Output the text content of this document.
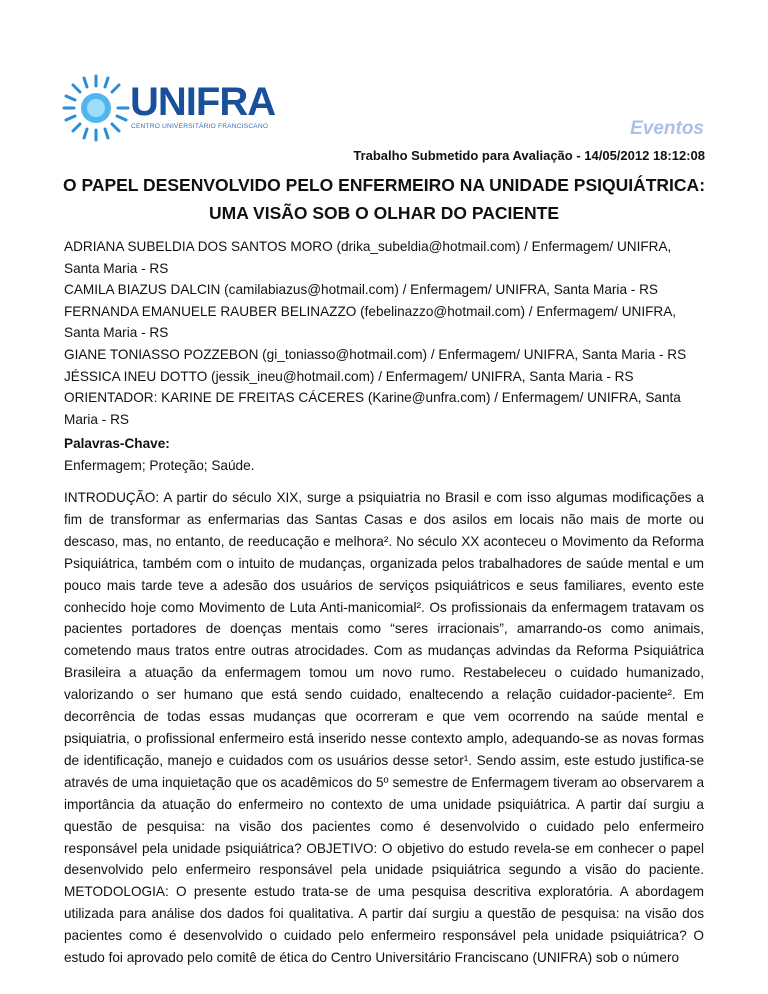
UNIFRA
CENTRO UNIVERSITÁRIO FRANCISCANO	Eventos
Trabalho Submetido para Avaliação - 14/05/2012 18:12:08
O PAPEL DESENVOLVIDO PELO ENFERMEIRO NA UNIDADE PSIQUIÁTRICA:
UMA VISÃO SOB O OLHAR DO PACIENTE
ADRIANA SUBELDIA DOS SANTOS MORO (drika_subeldia@hotmail.com) / Enfermagem/ UNIFRA, Santa Maria - RS
CAMILA BIAZUS DALCIN (camilabiazus@hotmail.com) / Enfermagem/ UNIFRA, Santa Maria - RS
FERNANDA EMANUELE RAUBER BELINAZZO (febelinazzo@hotmail.com) / Enfermagem/ UNIFRA, Santa Maria - RS
GIANE TONIASSO POZZEBON (gi_toniasso@hotmail.com) / Enfermagem/ UNIFRA, Santa Maria - RS
JÉSSICA INEU DOTTO (jessik_ineu@hotmail.com) / Enfermagem/ UNIFRA, Santa Maria - RS
ORIENTADOR: KARINE DE FREITAS CÁCERES (Karine@unfra.com) / Enfermagem/ UNIFRA, Santa Maria - RS
Palavras-Chave:
Enfermagem; Proteção; Saúde.
INTRODUÇÃO: A partir do século XIX, surge a psiquiatria no Brasil e com isso algumas modificações a fim de transformar as enfermarias das Santas Casas e dos asilos em locais não mais de morte ou descaso, mas, no entanto, de reeducação e melhora². No século XX aconteceu o Movimento da Reforma Psiquiátrica, também com o intuito de mudanças, organizada pelos trabalhadores de saúde mental e um pouco mais tarde teve a adesão dos usuários de serviços psiquiátricos e seus familiares, evento este conhecido hoje como Movimento de Luta Anti-manicomial². Os profissionais da enfermagem tratavam os pacientes portadores de doenças mentais como “seres irracionais”, amarrando-os como animais, cometendo maus tratos entre outras atrocidades. Com as mudanças advindas da Reforma Psiquiátrica Brasileira a atuação da enfermagem tomou um novo rumo. Restabeleceu o cuidado humanizado, valorizando o ser humano que está sendo cuidado, enaltecendo a relação cuidador-paciente². Em decorrência de todas essas mudanças que ocorreram e que vem ocorrendo na saúde mental e psiquiatria, o profissional enfermeiro está inserido nesse contexto amplo, adequando-se as novas formas de identificação, manejo e cuidados com os usuários desse setor¹. Sendo assim, este estudo justifica-se através de uma inquietação que os acadêmicos do 5º semestre de Enfermagem tiveram ao observarem a importância da atuação do enfermeiro no contexto de uma unidade psiquiátrica. A partir daí surgiu a questão de pesquisa: na visão dos pacientes como é desenvolvido o cuidado pelo enfermeiro responsável pela unidade psiquiátrica? OBJETIVO: O objetivo do estudo revela-se em conhecer o papel desenvolvido pelo enfermeiro responsável pela unidade psiquiátrica segundo a visão do paciente. METODOLOGIA: O presente estudo trata-se de uma pesquisa descritiva exploratória. A abordagem utilizada para análise dos dados foi qualitativa. A partir daí surgiu a questão de pesquisa: na visão dos pacientes como é desenvolvido o cuidado pelo enfermeiro responsável pela unidade psiquiátrica? O estudo foi aprovado pelo comitê de ética do Centro Universitário Franciscano (UNIFRA) sob o número
